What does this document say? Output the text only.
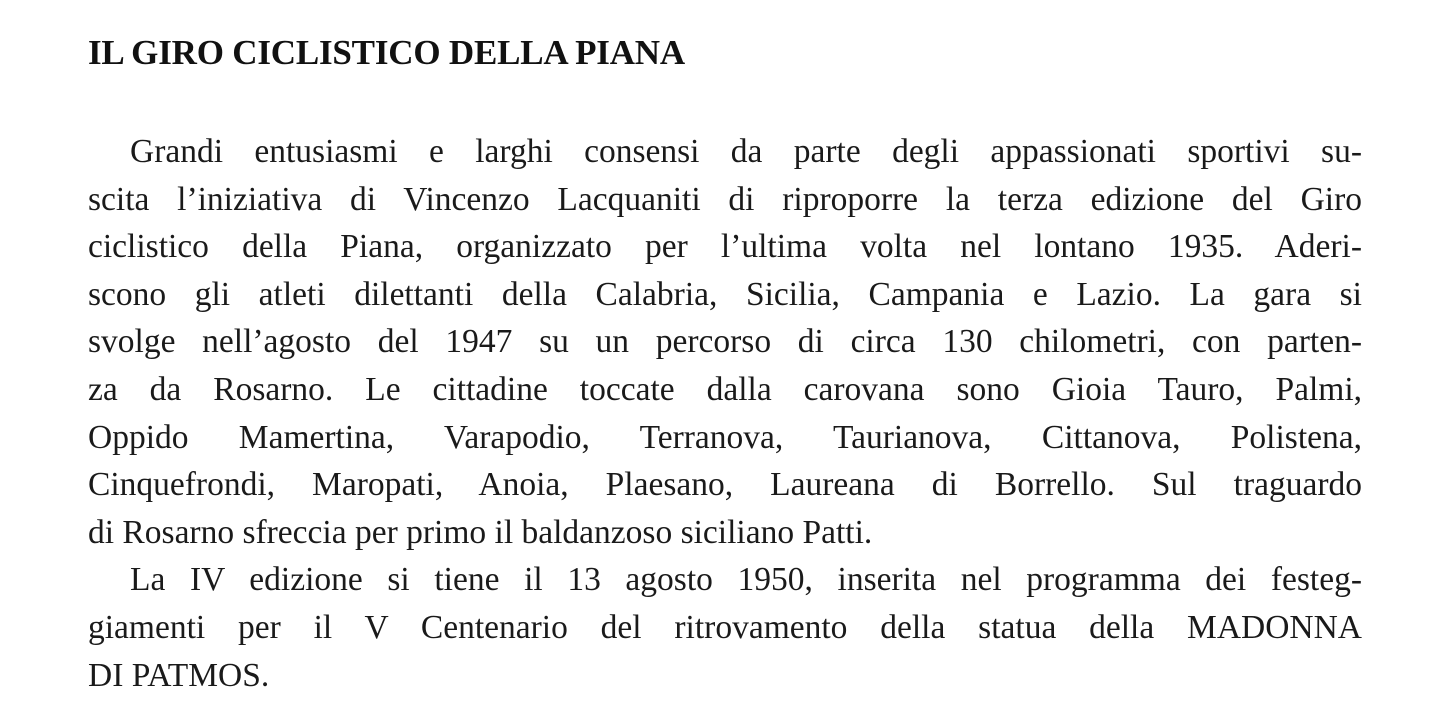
IL GIRO CICLISTICO DELLA PIANA
Grandi entusiasmi e larghi consensi da parte degli appassionati sportivi su-
scita l’iniziativa di Vincenzo Lacquaniti di riproporre la terza edizione del Giro
ciclistico della Piana, organizzato per l’ultima volta nel lontano 1935. Aderi-
scono gli atleti dilettanti della Calabria, Sicilia, Campania e Lazio. La gara si
svolge nell’agosto del 1947 su un percorso di circa 130 chilometri, con parten-
za da Rosarno. Le cittadine toccate dalla carovana sono Gioia Tauro, Palmi,
Oppido Mamertina, Varapodio, Terranova, Taurianova, Cittanova, Polistena,
Cinquefrondi, Maropati, Anoia, Plaesano, Laureana di Borrello. Sul traguardo
di Rosarno sfreccia per primo il baldanzoso siciliano Patti.
La IV edizione si tiene il 13 agosto 1950, inserita nel programma dei festeg-
giamenti per il V Centenario del ritrovamento della statua della MADONNA
DI PATMOS.
